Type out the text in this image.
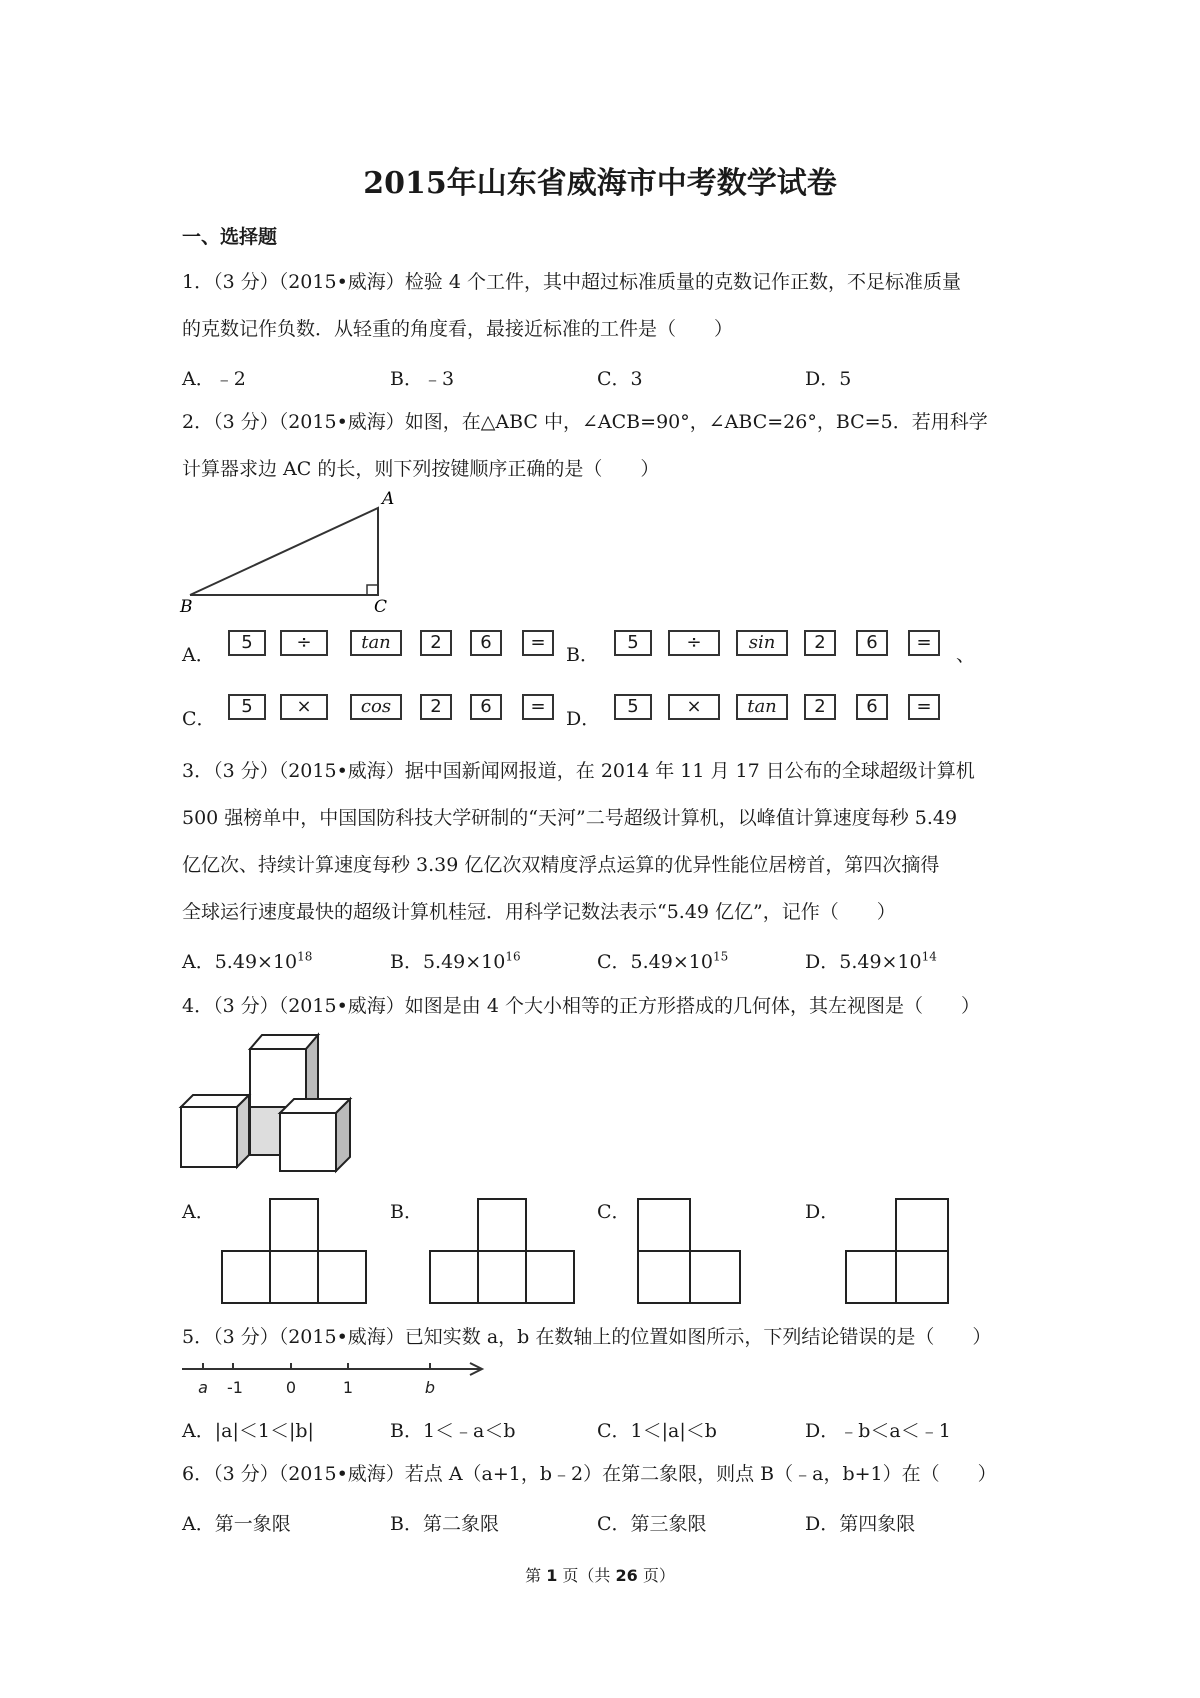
2015年山东省威海市中考数学试卷
一、选择题
1．（3 分）（2015•威海）检验 4 个工件，其中超过标准质量的克数记作正数，不足标准质量
的克数记作负数．从轻重的角度看，最接近标准的工件是（　　）
A．﹣2	B．﹣3	C．3	D．5
2．（3 分）（2015•威海）如图，在△ABC 中，∠ACB=90°，∠ABC=26°，BC=5．若用科学
计算器求边 AC 的长，则下列按键顺序正确的是（　　）
A
B	C
A．
5	÷	tan	2	6	=
B．
5	÷	sin	2	6	=
、
C．
5	×	cos	2	6	=
D．
5	×	tan	2	6	=
3．（3 分）（2015•威海）据中国新闻网报道，在 2014 年 11 月 17 日公布的全球超级计算机
500 强榜单中，中国国防科技大学研制的“天河”二号超级计算机，以峰值计算速度每秒 5.49
亿亿次、持续计算速度每秒 3.39 亿亿次双精度浮点运算的优异性能位居榜首，第四次摘得
全球运行速度最快的超级计算机桂冠．用科学记数法表示“5.49 亿亿”，记作（　　）
A．$5.49\times 10^{18}$	B．$5.49\times 10^{16}$	C．$5.49\times 10^{15}$	D．$5.49\times 10^{14}$
4．（3 分）（2015•威海）如图是由 4 个大小相等的正方形搭成的几何体，其左视图是（　　）
A．	B．	C．	D．
5．（3 分）（2015•威海）已知实数 a，b 在数轴上的位置如图所示，下列结论错误的是（　　）
a -1	0	1	b
A．|a|＜1＜|b|	B．1＜﹣a＜b	C．1＜|a|＜b	D．﹣b＜a＜﹣1
6．（3 分）（2015•威海）若点 A（a+1，b﹣2）在第二象限，则点 B（﹣a，b+1）在（　　）
A．第一象限	B．第二象限	C．第三象限	D．第四象限
第 1 页（共 26 页）
